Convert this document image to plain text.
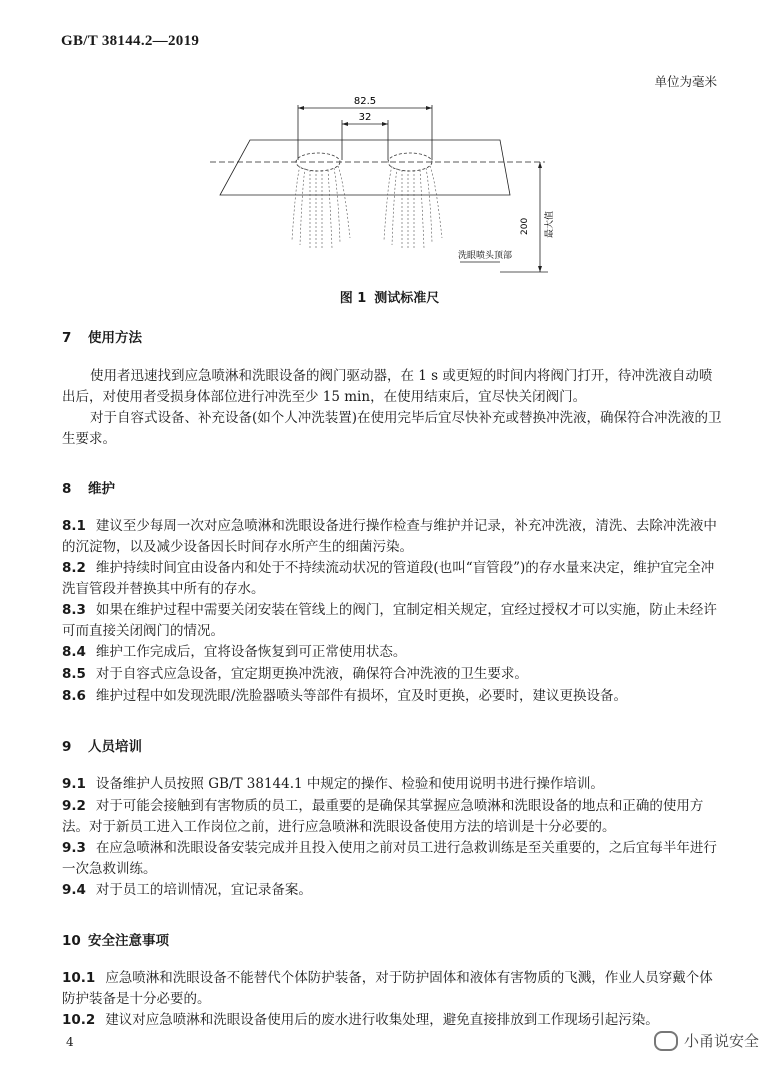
GB/T 38144.2—2019
单位为毫米
82.5
32
200 最大值
洗眼喷头顶部
图 1 测试标准尺
7 使用方法
使用者迅速找到应急喷淋和洗眼设备的阀门驱动器，在 1 s 或更短的时间内将阀门打开，待冲洗液自动喷出后，对使用者受损身体部位进行冲洗至少 15 min，在使用结束后，宜尽快关闭阀门。
对于自容式设备、补充设备(如个人冲洗装置)在使用完毕后宜尽快补充或替换冲洗液，确保符合冲洗液的卫生要求。
8 维护
8.1 建议至少每周一次对应急喷淋和洗眼设备进行操作检查与维护并记录，补充冲洗液，清洗、去除冲洗液中的沉淀物，以及减少设备因长时间存水所产生的细菌污染。
8.2 维护持续时间宜由设备内和处于不持续流动状况的管道段(也叫“盲管段”)的存水量来决定，维护宜完全冲洗盲管段并替换其中所有的存水。
8.3 如果在维护过程中需要关闭安装在管线上的阀门，宜制定相关规定，宜经过授权才可以实施，防止未经许可而直接关闭阀门的情况。
8.4 维护工作完成后，宜将设备恢复到可正常使用状态。
8.5 对于自容式应急设备，宜定期更换冲洗液，确保符合冲洗液的卫生要求。
8.6 维护过程中如发现洗眼/洗脸器喷头等部件有损坏，宜及时更换，必要时，建议更换设备。
9 人员培训
9.1 设备维护人员按照 GB/T 38144.1 中规定的操作、检验和使用说明书进行操作培训。
9.2 对于可能会接触到有害物质的员工，最重要的是确保其掌握应急喷淋和洗眼设备的地点和正确的使用方法。对于新员工进入工作岗位之前，进行应急喷淋和洗眼设备使用方法的培训是十分必要的。
9.3 在应急喷淋和洗眼设备安装完成并且投入使用之前对员工进行急救训练是至关重要的，之后宜每半年进行一次急救训练。
9.4 对于员工的培训情况，宜记录备案。
10 安全注意事项
10.1 应急喷淋和洗眼设备不能替代个体防护装备，对于防护固体和液体有害物质的飞溅，作业人员穿戴个体防护装备是十分必要的。
10.2 建议对应急喷淋和洗眼设备使用后的废水进行收集处理，避免直接排放到工作现场引起污染。
4	小甬说安全
